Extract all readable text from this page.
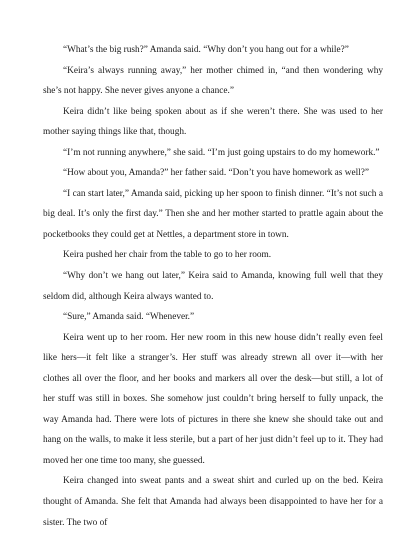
“What’s the big rush?” Amanda said. “Why don’t you hang out for a while?”

“Keira’s always running away,” her mother chimed in, “and then wondering why she’s not happy. She never gives anyone a chance.”

Keira didn’t like being spoken about as if she weren’t there. She was used to her mother saying things like that, though.

“I’m not running anywhere,” she said. “I’m just going upstairs to do my homework.”

“How about you, Amanda?” her father said. “Don’t you have homework as well?”

“I can start later,” Amanda said, picking up her spoon to finish dinner. “It’s not such a big deal. It’s only the first day.” Then she and her mother started to prattle again about the pocketbooks they could get at Nettles, a department store in town.

Keira pushed her chair from the table to go to her room.

“Why don’t we hang out later,” Keira said to Amanda, knowing full well that they seldom did, although Keira always wanted to.

“Sure,” Amanda said. “Whenever.”

Keira went up to her room. Her new room in this new house didn’t really even feel like hers—it felt like a stranger’s. Her stuff was already strewn all over it—with her clothes all over the floor, and her books and markers all over the desk—but still, a lot of her stuff was still in boxes. She somehow just couldn’t bring herself to fully unpack, the way Amanda had. There were lots of pictures in there she knew she should take out and hang on the walls, to make it less sterile, but a part of her just didn’t feel up to it. They had moved her one time too many, she guessed.

Keira changed into sweat pants and a sweat shirt and curled up on the bed. Keira thought of Amanda. She felt that Amanda had always been disappointed to have her for a sister. The two of
